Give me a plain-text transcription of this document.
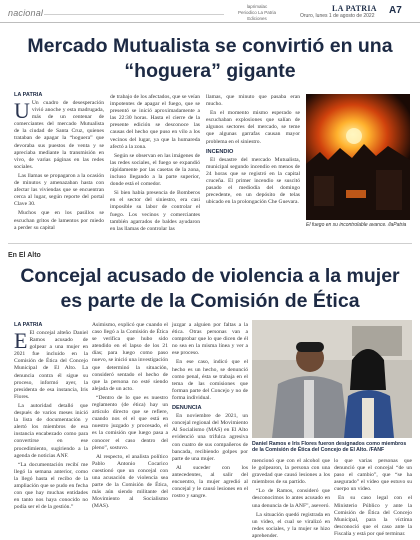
nacional
laprimalac
Periodico La Patria Ediciones
LA PATRIA
Oruro, lunes 1 de agosto de 2022 A7
Mercado Mutualista se convirtió en una “hoguera” gigante
LA PATRIA

U Un cuadro de desesperación vivió anoche y esta madrugada, más de un centenar de comerciantes del mercado Mutualista de la ciudad de Santa Cruz, quienes trataban de apagar la “hoguera” que devoraba sus puestos de venta y se apreciaba mediante la transmisión en vivo, de varias páginas en las redes sociales.

Las llamas se propagaron a la ocasión de minutos y amenazaban hasta con afectar las viviendas que se encuentran cerca al lugar, según reporte del portal Clave 30.

Muchos que en los pasillos se escuchan gritos de lamentos por miedo a perder su capital

de trabajo de los afectados, que se veían impotentes de apagar el fuego, que se presentó se inició aproximadamente a las 22:30 horas. Hasta el cierre de la presente edición se desconoce las causas del hecho que puso en vilo a los vecinos del lugar, ya que la humareda afectó a la zona.

Según se observan en las imágenes de las redes sociales, el fuego se expandió rápidamente por las casetas de la zona, incluso llegando a la parte superior, donde está el comedor.

Si bien había presencia de Bomberos en el sector del siniestro, era casi imposible su labor de controlar el fuego. Los vecinos y comerciantes también agarrados de baldes ayudaron en las llamas de controlar las

llamas, que minuto que pasaba eran mucho.

En el momento mismo esperado se escuchaban explosiones que salían de algunos sectores del mercado, se teme que algunas garrafas causan mayor problema en el siniestro.

INCENDIO

El desastre del mercado Mutualista, municipal segundo incendio en menos de 24 horas que se registró en la capital cruceña. El primer incendio se suscitó pasado el mediodía del domingo precedente, en un depósito de telas ubicado en la prolongación Che Guevara.

El fuego en su incontrolable avance. /laPatria
En El Alto
Concejal acusado de violencia a la mujer es parte de la Comisión de Ética
LA PATRIA

E El concejal alteño Daniel Ramos acusado de golpear a una mujer en 2021 fue incluido en la Comisión de Ética del Concejo Municipal de El Alto. La denuncia contra él sigue su proceso, informó ayer, la presidenta de esa instancia, Iris Flores.

La autoridad detalló que después de varios meses inició la lista de documentación y alertó los miembros de esa instancia encabezado como para convertirse en ese procedimiento, sugiriendo a la agenda de noticias ANF.

“La documentación recibí me llegó la semana anterior, como la llegó hasta el recibo de la ampliación que se pudo en fecha con que hay muchas entidades en tanto nos haya conocido no podía ser el de la gestión.”

Asimismo, explicó que cuando el caso llegó a la Comisión de Ética se verifica que hubo sido atendido en el lapso de los 21 días; para luego como paso nuevo, se inició una investigación que determinó la situación, consideró sentado el hecho de que la persona no esté siendo alejada de un acto.

“Dentro de lo que es nuestro reglamento (de ética) hay un artículo directo que se refiere, cuando nos el el que está en nuestro juzgado y procesado, el es la comisión que luego pasa a conocer el caso dentro del pleno”, sostuvo.

Al respecto, el analista político Pablo Antonio Cocarico cuestionó que un concejal con una acusación de violencia sea parte de la Comisión de Ética, más aún siendo militante del Movimiento al Socialismo (MAS).

juzgar a alguien por faltas a la ética. Otras personas van a comprobar que lo que dicen de él no sea en la misma línea y ver a ese proceso.

En ese caso, indicó que el hecho es un hecho, se denunció como penal, ésta se trabaja en el tema de las comisiones que forman parte del Concejo y no de forma individual.

DENUNCIA

En noviembre de 2021, un concejal regional del Movimiento Al Socialismo (MAS) en El Alto evidenció una trifulca agresiva con cuatro de sus compañeros de bancada, recibiendo golpes por parte de una mujer.

Al suceder con los antecedentes, al salir del encuentro, la mujer agredió al concejal y le causó lesiones en el rostro y sangre.

Daniel Ramos e Iris Flores fueron designados como miembros de la Comisión de Ética del Concejo de El Alto. /FANF

mencionó que con el alcohol que le golpearon, la persona con una gravedad que causó lesiones a los miembros de su partido.

“Lo de Ramos, consideró que desconocimos lo antes acusado en una denuncia de la ANF”, aseveró.

La situación quedó registrada en un video, el cual se viralizó en redes sociales, y la mujer se hizo aprehender.

lo que varias personas que denunció que el concejal “de un paso el cambio”, que “se ha asegurado” el video que estuvo su cuerpo un video.

En su caso legal con el Ministerio Público y ante la Comisión de Ética del Concejo Municipal, para la víctima desconoció que el caso ante la Fiscalía y está por qué terminar.
